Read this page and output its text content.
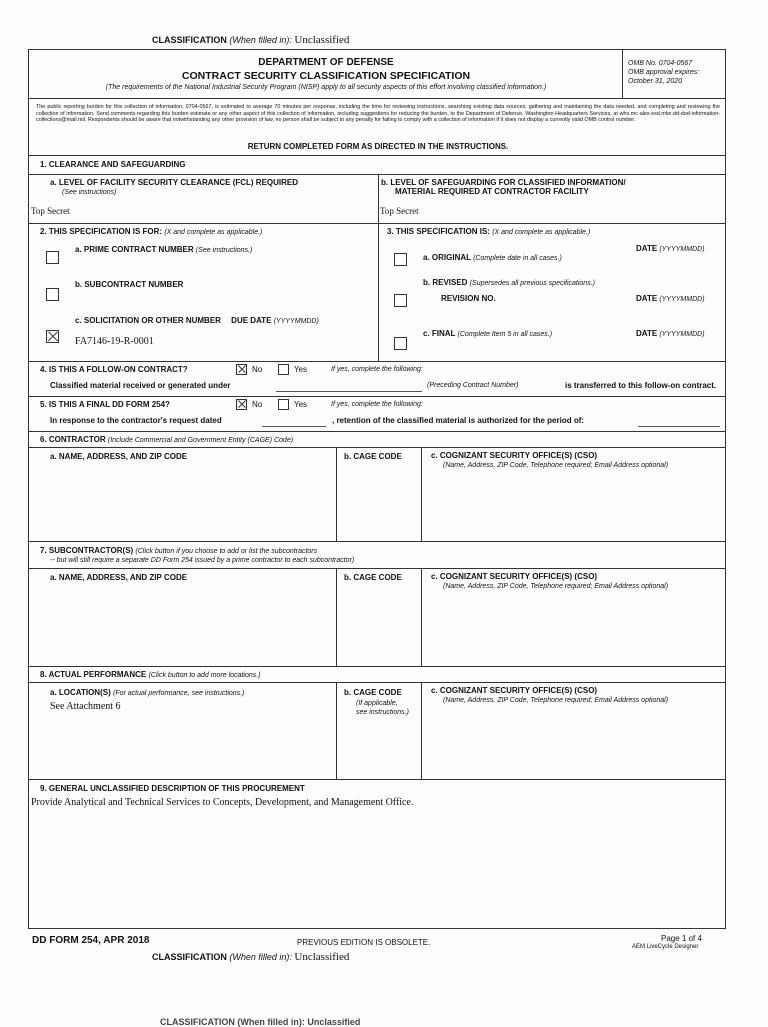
CLASSIFICATION (When filled in): Unclassified
DEPARTMENT OF DEFENSE
CONTRACT SECURITY CLASSIFICATION SPECIFICATION
(The requirements of the National Industrial Security Program (NISP) apply to all security aspects of this effort involving classified information.)
OMB No. 0704-0567
OMB approval expires:
October 31, 2020
The public reporting burden for this collection of information, 0704-0567, is estimated to average 70 minutes per response, including the time for reviewing instructions, searching existing data sources, gathering and maintaining the data needed, and completing and reviewing the collection of information. Send comments regarding this burden estimate or any other aspect of this collection of information, including suggestions for reducing the burden, to the Department of Defense, Washington Headquarters Services, at whs.mc-alex.esd.mbx.dd-dod-information-collections@mail.mil. Respondents should be aware that notwithstanding any other provision of law, no person shall be subject to any penalty for failing to comply with a collection of information if it does not display a currently valid OMB control number.
RETURN COMPLETED FORM AS DIRECTED IN THE INSTRUCTIONS.
1. CLEARANCE AND SAFEGUARDING
a. LEVEL OF FACILITY SECURITY CLEARANCE (FCL) REQUIRED
(See instructions)
Top Secret
b. LEVEL OF SAFEGUARDING FOR CLASSIFIED INFORMATION/
MATERIAL REQUIRED AT CONTRACTOR FACILITY
Top Secret
2. THIS SPECIFICATION IS FOR: (X and complete as applicable.)
a. PRIME CONTRACT NUMBER (See instructions.)
b. SUBCONTRACT NUMBER
c. SOLICITATION OR OTHER NUMBER DUE DATE (YYYYMMDD)
FA7146-19-R-0001
3. THIS SPECIFICATION IS: (X and complete as applicable.)
DATE (YYYYMMDD)
a. ORIGINAL (Complete date in all cases.)
b. REVISED (Supersedes all previous specifications.)
REVISION NO.	DATE (YYYYMMDD)
c. FINAL (Complete Item 5 in all cases.)	DATE (YYYYMMDD)
4. IS THIS A FOLLOW-ON CONTRACT?	No	Yes	If yes, complete the following:
Classified material received or generated under	(Preceding Contract Number)	is transferred to this follow-on contract.
5. IS THIS A FINAL DD FORM 254?	No	Yes	If yes, complete the following:
In response to the contractor's request dated	, retention of the classified material is authorized for the period of:
6. CONTRACTOR (Include Commercial and Government Entity (CAGE) Code)
a. NAME, ADDRESS, AND ZIP CODE	b. CAGE CODE	c. COGNIZANT SECURITY OFFICE(S) (CSO)
(Name, Address, ZIP Code, Telephone required; Email Address optional)
7. SUBCONTRACTOR(S) (Click button if you choose to add or list the subcontractors
-- but will still require a separate DD Form 254 issued by a prime contractor to each subcontractor)
a. NAME, ADDRESS, AND ZIP CODE	b. CAGE CODE	c. COGNIZANT SECURITY OFFICE(S) (CSO)
(Name, Address, ZIP Code, Telephone required; Email Address optional)
8. ACTUAL PERFORMANCE (Click button to add more locations.)
a. LOCATION(S) (For actual performance, see instructions.)
See Attachment 6
b. CAGE CODE
(If applicable,
see instructions.)
c. COGNIZANT SECURITY OFFICE(S) (CSO)
(Name, Address, ZIP Code, Telephone required; Email Address optional)
9. GENERAL UNCLASSIFIED DESCRIPTION OF THIS PROCUREMENT
Provide Analytical and Technical Services to Concepts, Development, and Management Office.
DD FORM 254, APR 2018	PREVIOUS EDITION IS OBSOLETE.	Page 1 of 4
AEM LiveCycle Designer
CLASSIFICATION (When filled in): Unclassified
CLASSIFICATION (When filled in): Unclassified
